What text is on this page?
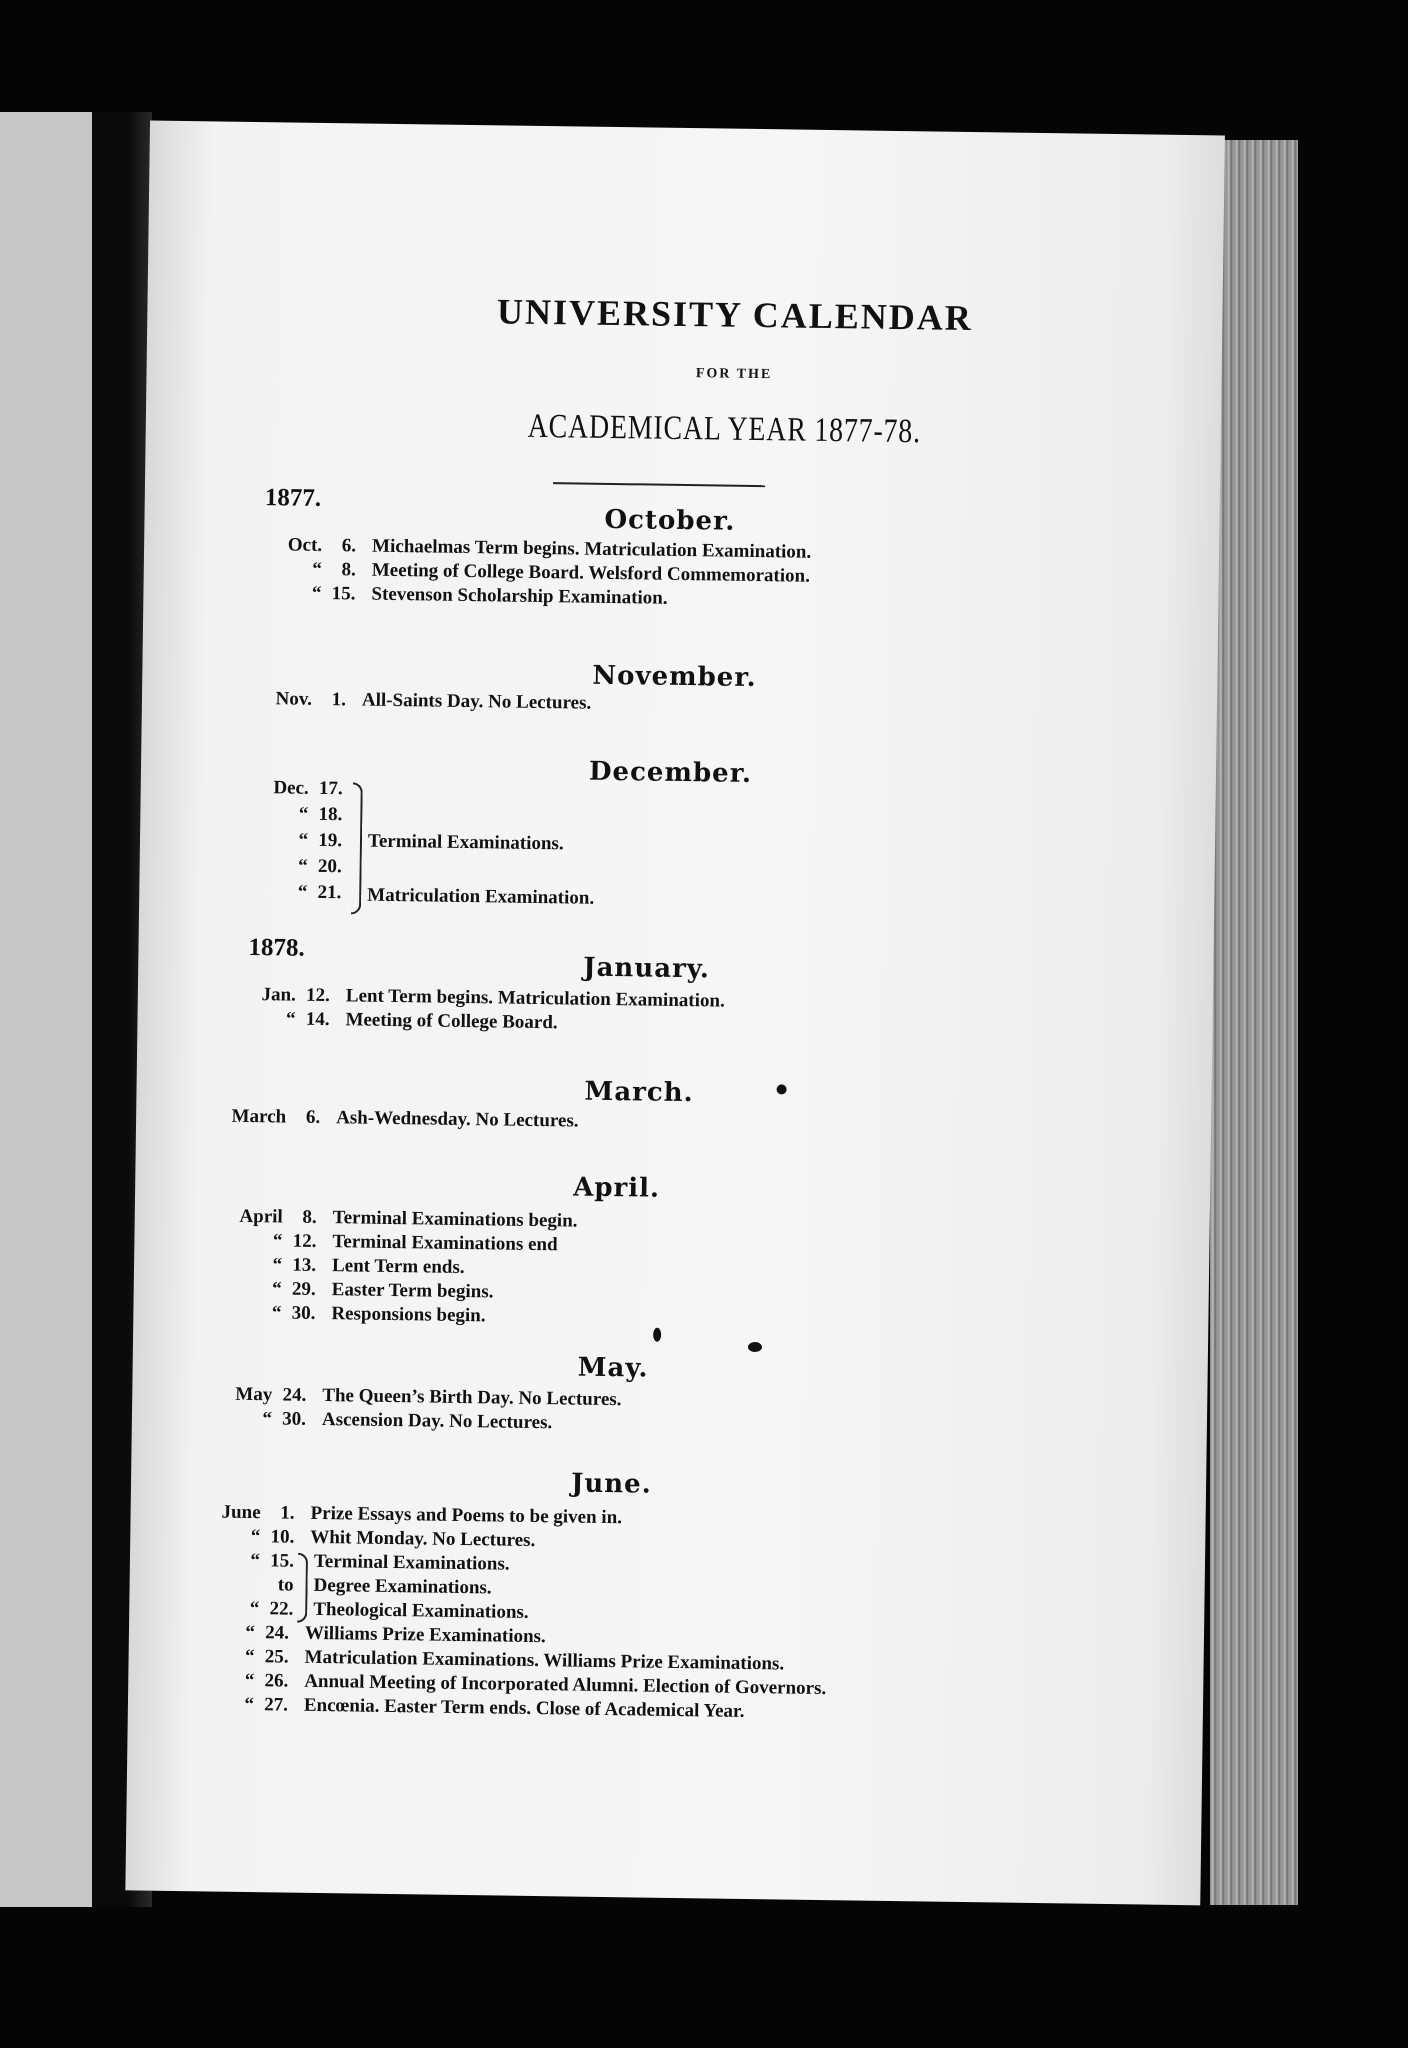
UNIVERSITY CALENDAR
FOR THE
ACADEMICAL YEAR 1877-78.
1877.
October.
Oct. 6. Michaelmas Term begins. Matriculation Examination.
“ 8. Meeting of College Board. Welsford Commemoration.
“ 15. Stevenson Scholarship Examination.
November.
Nov. 1. All-Saints Day. No Lectures.
December.
Dec. 17.
“ 18.
“ 19.
“ 20.
“ 21.
Terminal Examinations.
Matriculation Examination.
1878.
January.
Jan. 12. Lent Term begins. Matriculation Examination.
“ 14. Meeting of College Board.
March.
March 6. Ash-Wednesday. No Lectures.
April.
April 8. Terminal Examinations begin.
“ 12. Terminal Examinations end
“ 13. Lent Term ends.
“ 29. Easter Term begins.
“ 30. Responsions begin.
May.
May 24. The Queen’s Birth Day. No Lectures.
“ 30. Ascension Day. No Lectures.
June.
June 1. Prize Essays and Poems to be given in.
“ 10. Whit Monday. No Lectures.
“ 15.
to
“ 22.
Terminal Examinations.
Degree Examinations.
Theological Examinations.
“ 24. Williams Prize Examinations.
“ 25. Matriculation Examinations. Williams Prize Examinations.
“ 26. Annual Meeting of Incorporated Alumni. Election of Governors.
“ 27. Encœnia. Easter Term ends. Close of Academical Year.
